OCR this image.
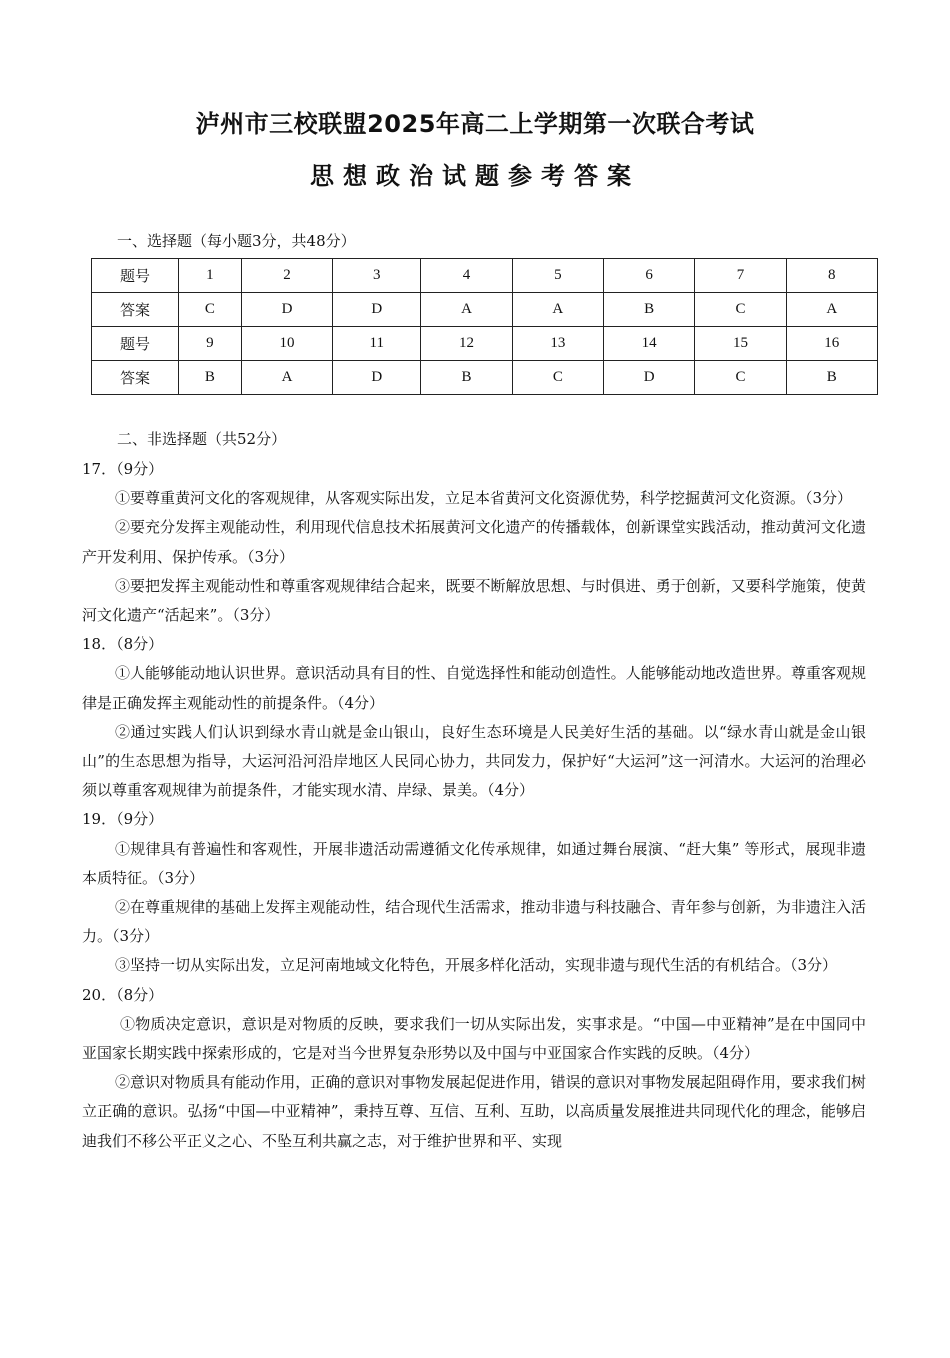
泸州市三校联盟2025年高二上学期第一次联合考试
思想政治试题参考答案
一、选择题（每小题3分，共48分）
题号	1	2	3	4	5	6	7	8
答案	C	D	D	A	A	B	C	A
题号	9	10	11	12	13	14	15	16
答案	B	A	D	B	C	D	C	B
二、非选择题（共52分）

17．（9分）

①要尊重黄河文化的客观规律，从客观实际出发，立足本省黄河文化资源优势，科学挖掘黄河文化资源。（3分）

②要充分发挥主观能动性，利用现代信息技术拓展黄河文化遗产的传播载体，创新课堂实践活动，推动黄河文化遗产开发利用、保护传承。（3分）

③要把发挥主观能动性和尊重客观规律结合起来，既要不断解放思想、与时俱进、勇于创新，又要科学施策，使黄河文化遗产“活起来”。（3分）

18．（8分）

①人能够能动地认识世界。意识活动具有目的性、自觉选择性和能动创造性。人能够能动地改造世界。尊重客观规律是正确发挥主观能动性的前提条件。（4分）

②通过实践人们认识到绿水青山就是金山银山，良好生态环境是人民美好生活的基础。以“绿水青山就是金山银山”的生态思想为指导，大运河沿河沿岸地区人民同心协力，共同发力，保护好“大运河”这一河清水。大运河的治理必须以尊重客观规律为前提条件，才能实现水清、岸绿、景美。（4分）

19．（9分）

①规律具有普遍性和客观性，开展非遗活动需遵循文化传承规律，如通过舞台展演、“赶大集” 等形式，展现非遗本质特征。（3分）

②在尊重规律的基础上发挥主观能动性，结合现代生活需求，推动非遗与科技融合、青年参与创新，为非遗注入活力。（3分）

③坚持一切从实际出发，立足河南地域文化特色，开展多样化活动，实现非遗与现代生活的有机结合。（3分）

20．（8分）

①物质决定意识，意识是对物质的反映，要求我们一切从实际出发，实事求是。“中国—中亚精神”是在中国同中亚国家长期实践中探索形成的，它是对当今世界复杂形势以及中国与中亚国家合作实践的反映。（4分）

②意识对物质具有能动作用，正确的意识对事物发展起促进作用，错误的意识对事物发展起阻碍作用，要求我们树立正确的意识。弘扬“中国—中亚精神”，秉持互尊、互信、互利、互助，以高质量发展推进共同现代化的理念，能够启迪我们不移公平正义之心、不坠互利共赢之志，对于维护世界和平、实现
